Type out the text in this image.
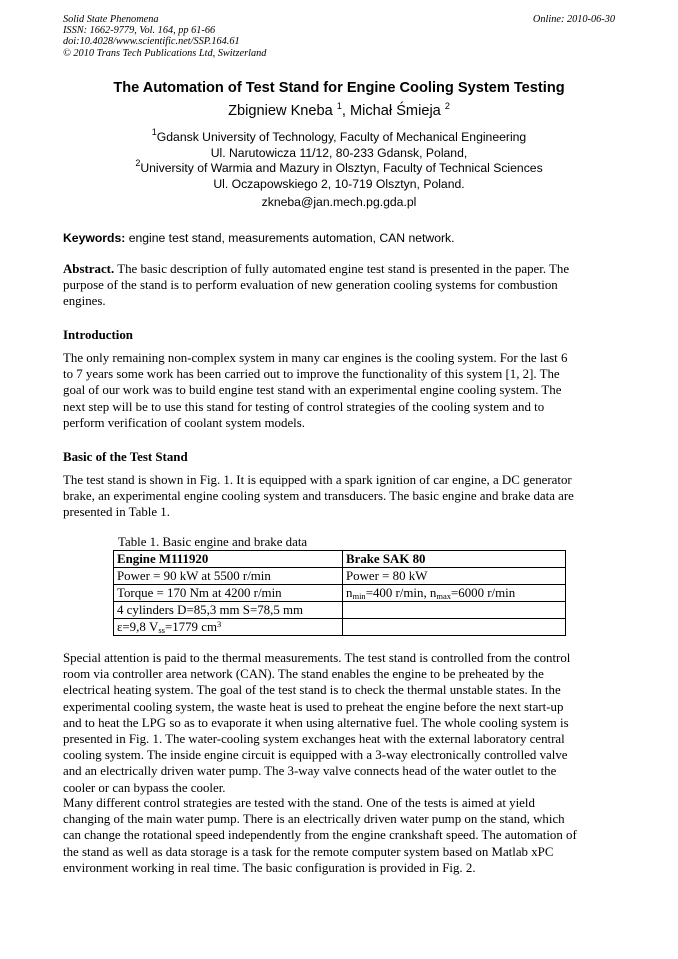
Solid State Phenomena
ISSN: 1662-9779, Vol. 164, pp 61-66
doi:10.4028/www.scientific.net/SSP.164.61
© 2010 Trans Tech Publications Ltd, Switzerland
Online: 2010-06-30
The Automation of Test Stand for Engine Cooling System Testing
Zbigniew Kneba $^1$, Michał Śmieja $^2$
$^1$Gdansk University of Technology, Faculty of Mechanical Engineering
Ul. Narutowicza 11/12, 80-233 Gdansk, Poland,
$^2$University of Warmia and Mazury in Olsztyn, Faculty of Technical Sciences
Ul. Oczapowskiego 2, 10-719 Olsztyn, Poland.
zkneba@jan.mech.pg.gda.pl
Keywords: engine test stand, measurements automation, CAN network.
Abstract. The basic description of fully automated engine test stand is presented in the paper. The
purpose of the stand is to perform evaluation of new generation cooling systems for combustion
engines.
Introduction
The only remaining non-complex system in many car engines is the cooling system. For the last 6
to 7 years some work has been carried out to improve the functionality of this system [1, 2]. The
goal of our work was to build engine test stand with an experimental engine cooling system. The
next step will be to use this stand for testing of control strategies of the cooling system and to
perform verification of coolant system models.
Basic of the Test Stand
The test stand is shown in Fig. 1. It is equipped with a spark ignition of car engine, a DC generator
brake, an experimental engine cooling system and transducers. The basic engine and brake data are
presented in Table 1.
Table 1. Basic engine and brake data
Engine M111920	Brake SAK 80
Power = 90 kW at 5500 r/min	Power = 80 kW
Torque = 170 Nm at 4200 r/min	$n_{min}=400$ r/min, $n_{max}=6000$ r/min
4 cylinders D=85,3 mm S=78,5 mm	
ε=9,8 $V_{ss}=1779$ $cm^3$	
Special attention is paid to the thermal measurements. The test stand is controlled from the control
room via controller area network (CAN). The stand enables the engine to be preheated by the
electrical heating system. The goal of the test stand is to check the thermal unstable states. In the
experimental cooling system, the waste heat is used to preheat the engine before the next start-up
and to heat the LPG so as to evaporate it when using alternative fuel. The whole cooling system is
presented in Fig. 1. The water-cooling system exchanges heat with the external laboratory central
cooling system. The inside engine circuit is equipped with a 3-way electronically controlled valve
and an electrically driven water pump. The 3-way valve connects head of the water outlet to the
cooler or can bypass the cooler.
Many different control strategies are tested with the stand. One of the tests is aimed at yield
changing of the main water pump. There is an electrically driven water pump on the stand, which
can change the rotational speed independently from the engine crankshaft speed. The automation of
the stand as well as data storage is a task for the remote computer system based on Matlab xPC
environment working in real time. The basic configuration is provided in Fig. 2.
